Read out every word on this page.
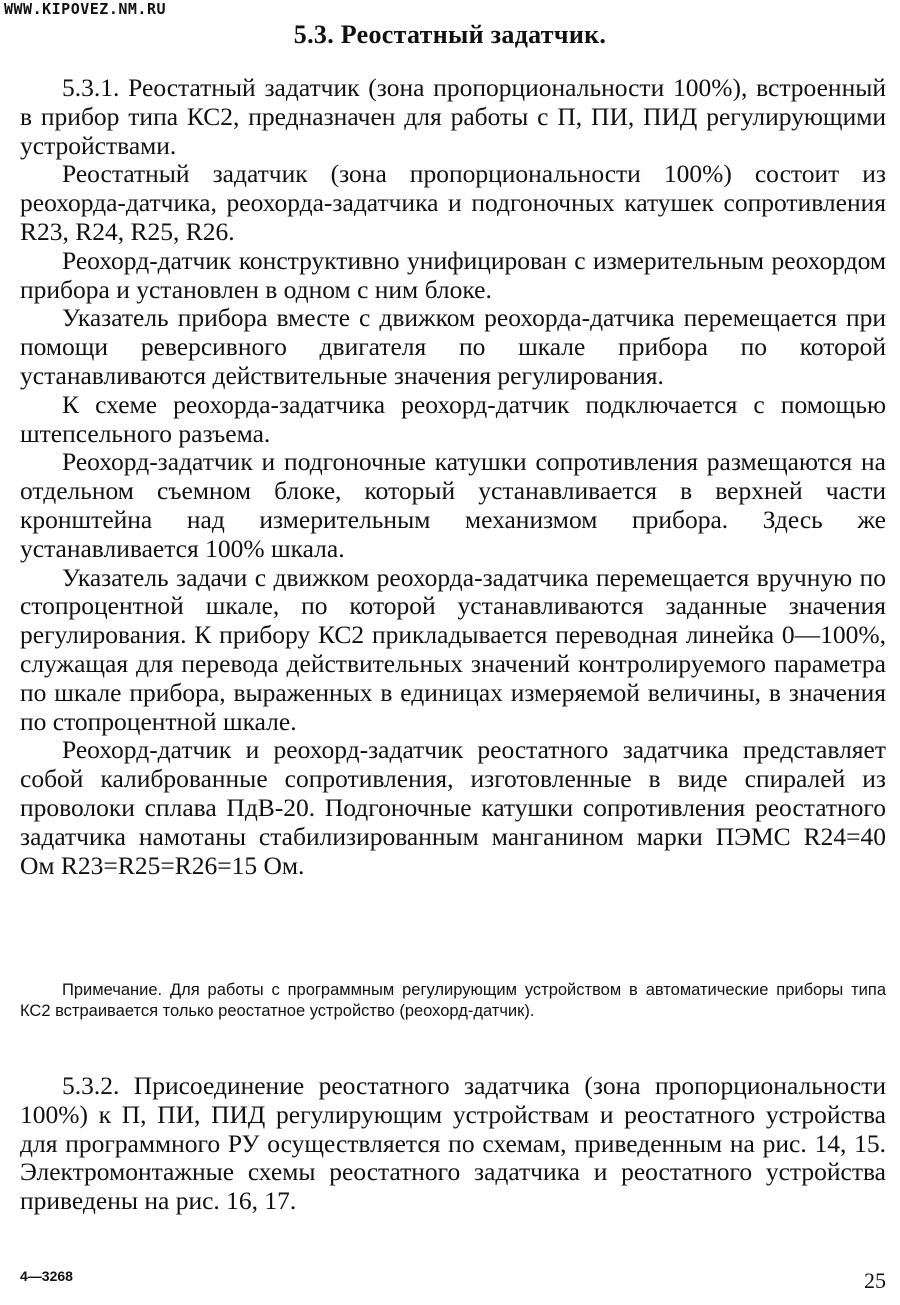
WWW.KIPOVEZ.NM.RU
5.3. Реостатный задатчик.

5.3.1. Реостатный задатчик (зона пропорциональности 100%), встроенный в прибор типа КС2, предназначен для работы с П, ПИ, ПИД регулирующими устройствами.

Реостатный задатчик (зона пропорциональности 100%) состоит из реохорда-датчика, реохорда-задатчика и подгоночных катушек сопротивления R23, R24, R25, R26.

Реохорд-датчик конструктивно унифицирован с измерительным реохордом прибора и установлен в одном с ним блоке.

Указатель прибора вместе с движком реохорда-датчика перемещается при помощи реверсивного двигателя по шкале прибора по которой устанавливаются действительные значения регулирования.

К схеме реохорда-задатчика реохорд-датчик подключается с помощью штепсельного разъема.

Реохорд-задатчик и подгоночные катушки сопротивления размещаются на отдельном съемном блоке, который устанавливается в верхней части кронштейна над измерительным механизмом прибора. Здесь же устанавливается 100% шкала.

Указатель задачи с движком реохорда-задатчика перемещается вручную по стопроцентной шкале, по которой устанавливаются заданные значения регулирования. К прибору КС2 прикладывается переводная линейка 0—100%, служащая для перевода действительных значений контролируемого параметра по шкале прибора, выраженных в единицах измеряемой величины, в значения по стопроцентной шкале.

Реохорд-датчик и реохорд-задатчик реостатного задатчика представляет собой калиброванные сопротивления, изготовленные в виде спиралей из проволоки сплава ПдВ-20. Подгоночные катушки сопротивления реостатного задатчика намотаны стабилизированным манганином марки ПЭМС R24=40 Ом R23=R25=R26=15 Ом.

Примечание. Для работы с программным регулирующим устройством в автоматические приборы типа КС2 встраивается только реостатное устройство (реохорд-датчик).

5.3.2. Присоединение реостатного задатчика (зона пропорциональности 100%) к П, ПИ, ПИД регулирующим устройствам и реостатного устройства для программного РУ осуществляется по схемам, приведенным на рис. 14, 15. Электромонтажные схемы реостатного задатчика и реостатного устройства приведены на рис. 16, 17.

4—3268	25
